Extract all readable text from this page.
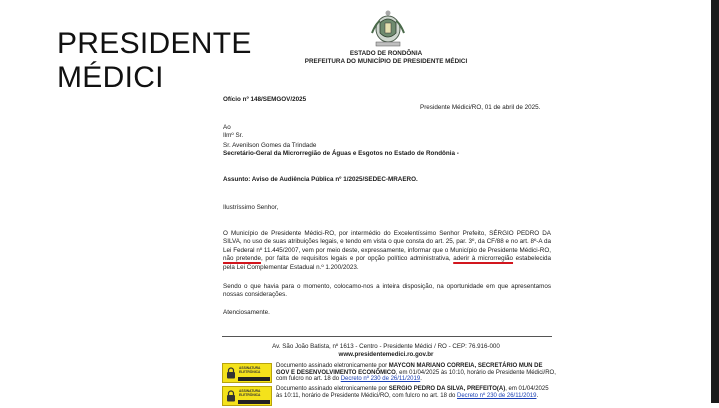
PRESIDENTE
MÉDICI
ESTADO DE RONDÔNIA
PREFEITURA DO MUNICÍPIO DE PRESIDENTE MÉDICI
Ofício nº 148/SEMGOV/2025
Presidente Médici/RO, 01 de abril de 2025.
Ao
Ilmº Sr.
Sr. Avenilson Gomes da Trindade
Secretário-Geral da Microrregião de Águas e Esgotos no Estado de Rondônia -
Assunto: Aviso de Audiência Pública nº 1/2025/SEDEC-MRAERO.
Ilustríssimo Senhor,
O Município de Presidente Médici-RO, por intermédio do Excelentíssimo Senhor Prefeito, SÉRGIO PEDRO DA SILVA, no uso de suas atribuições legais, e tendo em vista o que consta do art. 25, par. 3º, da CF/88 e no art. 8º-A da Lei Federal nº 11.445/2007, vem por meio deste, expressamente, informar que o Município de Presidente Médici-RO, não pretende, por falta de requisitos legais e por opção político administrativa, aderir à microrregião estabelecida pela Lei Complementar Estadual n.º 1.200/2023.
Sendo o que havia para o momento, colocamo-nos a inteira disposição, na oportunidade em que apresentamos nossas considerações.
Atenciosamente.
Av. São João Batista, nº 1613 - Centro - Presidente Médici / RO - CEP: 76.916-000
www.presidentemedici.ro.gov.br
ASSINATURA
ELETRÔNICA
Documento assinado eletronicamente por MAYCON MARIANO CORREIA, SECRETÁRIO MUN DE GOV E DESENVOLVIMENTO ECONÔMICO, em 01/04/2025 às 10:10, horário de Presidente Médici/RO, com fulcro no art. 18 do Decreto nº 230 de 26/11/2019.
ASSINATURA
ELETRÔNICA
Documento assinado eletronicamente por SERGIO PEDRO DA SILVA, PREFEITO(A), em 01/04/2025 às 10:11, horário de Presidente Médici/RO, com fulcro no art. 18 do Decreto nº 230 de 26/11/2019.
